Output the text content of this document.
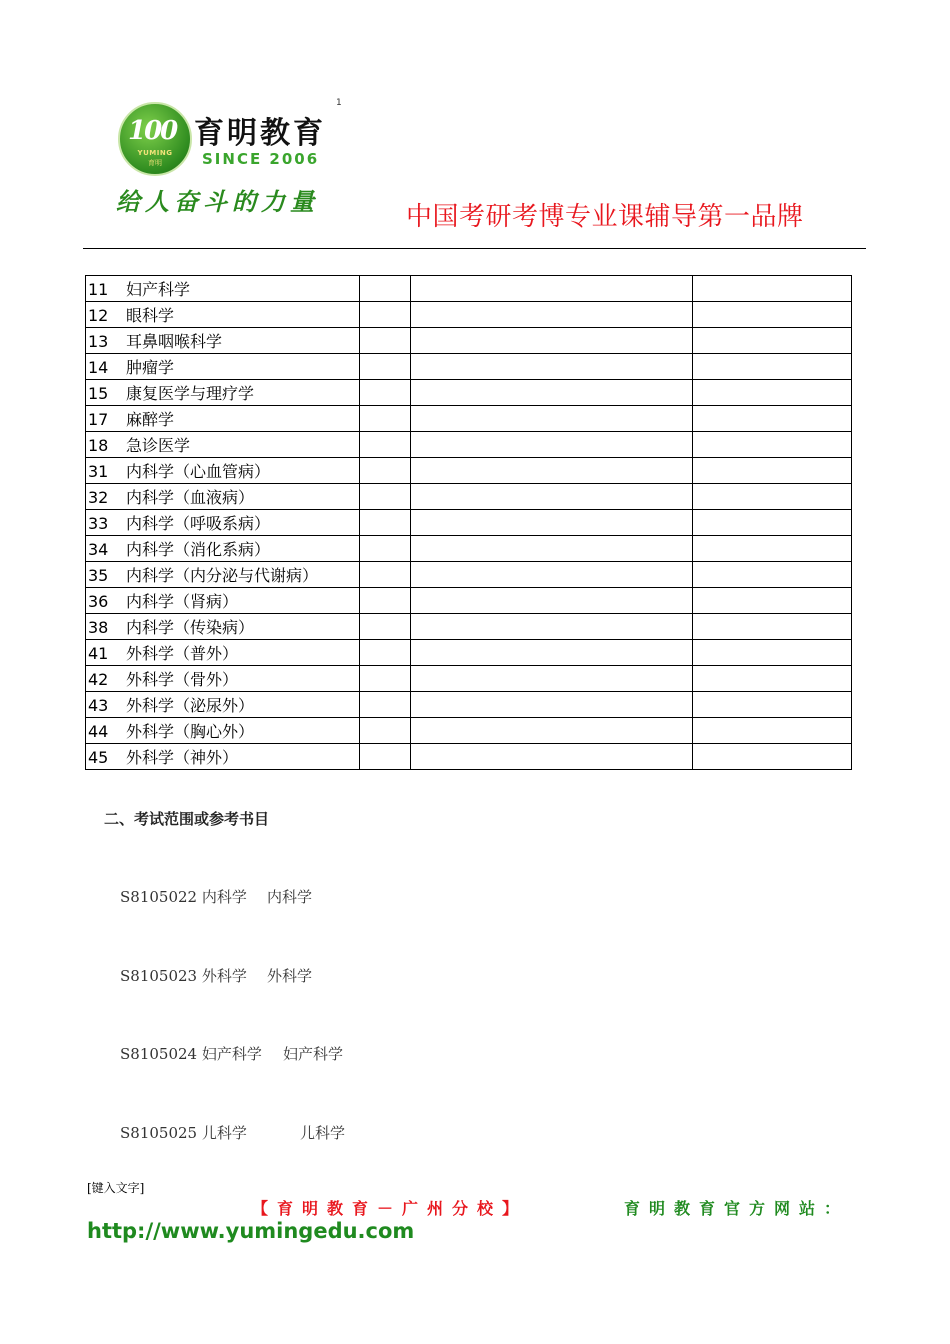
100
YUMING
育明
育明教育
SINCE 2006
给人奋斗的力量
1
中国考研考博专业课辅导第一品牌
11 妇产科学			
12 眼科学			
13 耳鼻咽喉科学			
14 肿瘤学			
15 康复医学与理疗学			
17 麻醉学			
18 急诊医学			
31 内科学（心血管病）			
32 内科学（血液病）			
33 内科学（呼吸系病）			
34 内科学（消化系病）			
35 内科学（内分泌与代谢病）			
36 内科学（肾病）			
38 内科学（传染病）			
41 外科学（普外）			
42 外科学（骨外）			
43 外科学（泌尿外）			
44 外科学（胸心外）			
45 外科学（神外）			
二、考试范围或参考书目
S8105022 内科学 内科学
S8105023 外科学 外科学
S8105024 妇产科学 妇产科学
S8105025 儿科学	儿科学
[键入文字]
【育明教育－广州分校】	育明教育官方网站：
http://www.yumingedu.com
